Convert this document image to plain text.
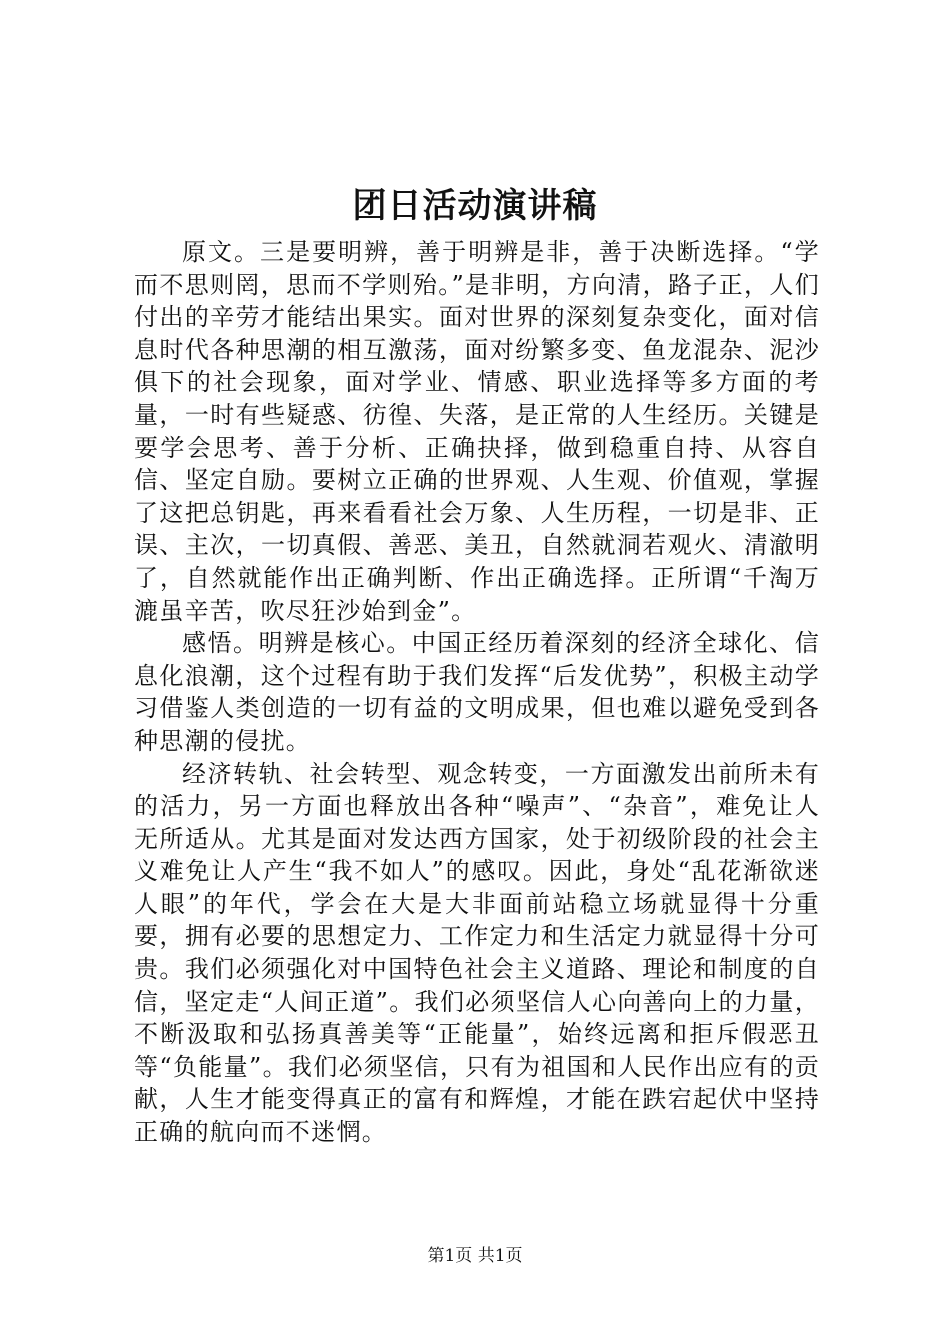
团日活动演讲稿

原文。三是要明辨，善于明辨是非，善于决断选择。“学而不思则罔，思而不学则殆。”是非明，方向清，路子正，人们付出的辛劳才能结出果实。面对世界的深刻复杂变化，面对信息时代各种思潮的相互激荡，面对纷繁多变、鱼龙混杂、泥沙俱下的社会现象，面对学业、情感、职业选择等多方面的考量，一时有些疑惑、彷徨、失落，是正常的人生经历。关键是要学会思考、善于分析、正确抉择，做到稳重自持、从容自信、坚定自励。要树立正确的世界观、人生观、价值观，掌握了这把总钥匙，再来看看社会万象、人生历程，一切是非、正误、主次，一切真假、善恶、美丑，自然就洞若观火、清澈明了，自然就能作出正确判断、作出正确选择。正所谓“千淘万漉虽辛苦，吹尽狂沙始到金”。

感悟。明辨是核心。中国正经历着深刻的经济全球化、信息化浪潮，这个过程有助于我们发挥“后发优势”，积极主动学习借鉴人类创造的一切有益的文明成果，但也难以避免受到各种思潮的侵扰。

经济转轨、社会转型、观念转变，一方面激发出前所未有的活力，另一方面也释放出各种“噪声”、“杂音”，难免让人无所适从。尤其是面对发达西方国家，处于初级阶段的社会主义难免让人产生“我不如人”的感叹。因此，身处“乱花渐欲迷人眼”的年代，学会在大是大非面前站稳立场就显得十分重要，拥有必要的思想定力、工作定力和生活定力就显得十分可贵。我们必须强化对中国特色社会主义道路、理论和制度的自信，坚定走“人间正道”。我们必须坚信人心向善向上的力量，不断汲取和弘扬真善美等“正能量”，始终远离和拒斥假恶丑等“负能量”。我们必须坚信，只有为祖国和人民作出应有的贡献，人生才能变得真正的富有和辉煌，才能在跌宕起伏中坚持正确的航向而不迷惘。

第1页 共1页
